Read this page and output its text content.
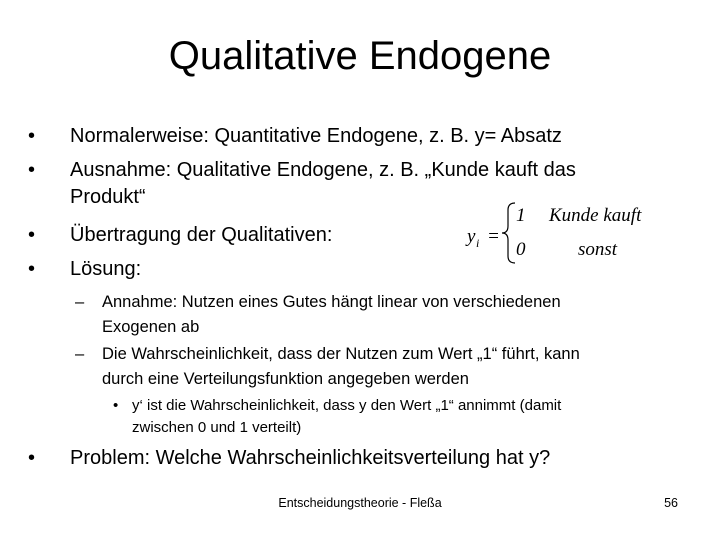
Qualitative Endogene
• Normalerweise: Quantitative Endogene, z. B. y= Absatz
• Ausnahme: Qualitative Endogene, z. B. „Kunde kauft das
Produkt“
• Übertragung der Qualitativen:
• Lösung:
y i =
1 Kunde kauft
0	sonst
– Annahme: Nutzen eines Gutes hängt linear von verschiedenen
Exogenen ab
– Die Wahrscheinlichkeit, dass der Nutzen zum Wert „1“ führt, kann
durch eine Verteilungsfunktion angegeben werden
• y‘ ist die Wahrscheinlichkeit, dass y den Wert „1“ annimmt (damit
zwischen 0 und 1 verteilt)
• Problem: Welche Wahrscheinlichkeitsverteilung hat y?
Entscheidungstheorie - Fleßa	56
